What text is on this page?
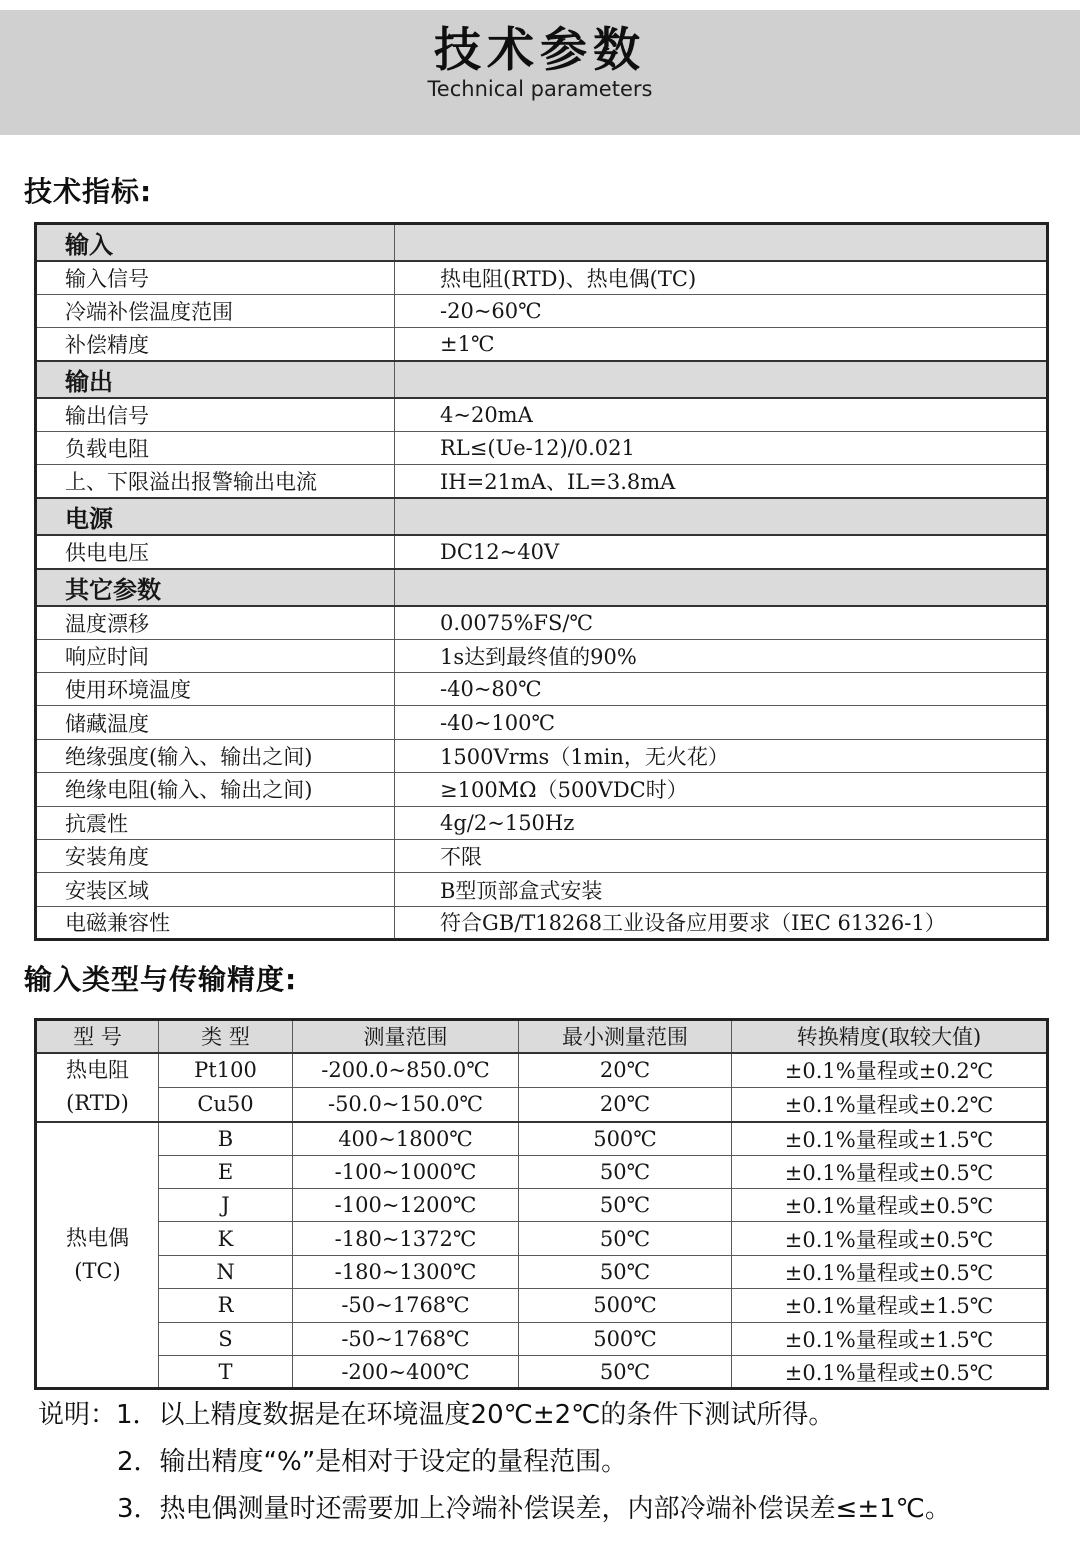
技术参数
Technical parameters
技术指标:
输入	
输入信号	热电阻(RTD)、热电偶(TC)
冷端补偿温度范围	-20~60℃
补偿精度	±1℃
输出	
输出信号	4~20mA
负载电阻	RL≤(Ue-12)/0.021
上、下限溢出报警输出电流	IH=21mA、IL=3.8mA
电源	
供电电压	DC12~40V
其它参数	
温度漂移	0.0075%FS/℃
响应时间	1s达到最终值的90%
使用环境温度	-40~80℃
储藏温度	-40~100℃
绝缘强度(输入、输出之间)	1500Vrms（1min，无火花）
绝缘电阻(输入、输出之间)	≥100MΩ（500VDC时）
抗震性	4g/2~150Hz
安装角度	不限
安装区域	B型顶部盒式安装
电磁兼容性	符合GB/T18268工业设备应用要求（IEC 61326-1）
输入类型与传输精度:
型 号	类 型	测量范围	最小测量范围	转换精度(取较大值)

热电阻
(RTD)	Pt100	-200.0~850.0℃	20℃	±0.1%量程或±0.2℃
	Cu50	-50.0~150.0℃	20℃	±0.1%量程或±0.2℃

热电偶
(TC)	B	400~1800℃	500℃	±0.1%量程或±1.5℃
	E	-100~1000℃	50℃	±0.1%量程或±0.5℃
	J	-100~1200℃	50℃	±0.1%量程或±0.5℃
	K	-180~1372℃	50℃	±0.1%量程或±0.5℃
	N	-180~1300℃	50℃	±0.1%量程或±0.5℃
	R	-50~1768℃	500℃	±0.1%量程或±1.5℃
	S	-50~1768℃	500℃	±0.1%量程或±1.5℃
	T	-200~400℃	50℃	±0.1%量程或±0.5℃
说明：1．以上精度数据是在环境温度20℃±2℃的条件下测试所得。
2．输出精度“%”是相对于设定的量程范围。
3．热电偶测量时还需要加上冷端补偿误差，内部冷端补偿误差≤±1℃。
